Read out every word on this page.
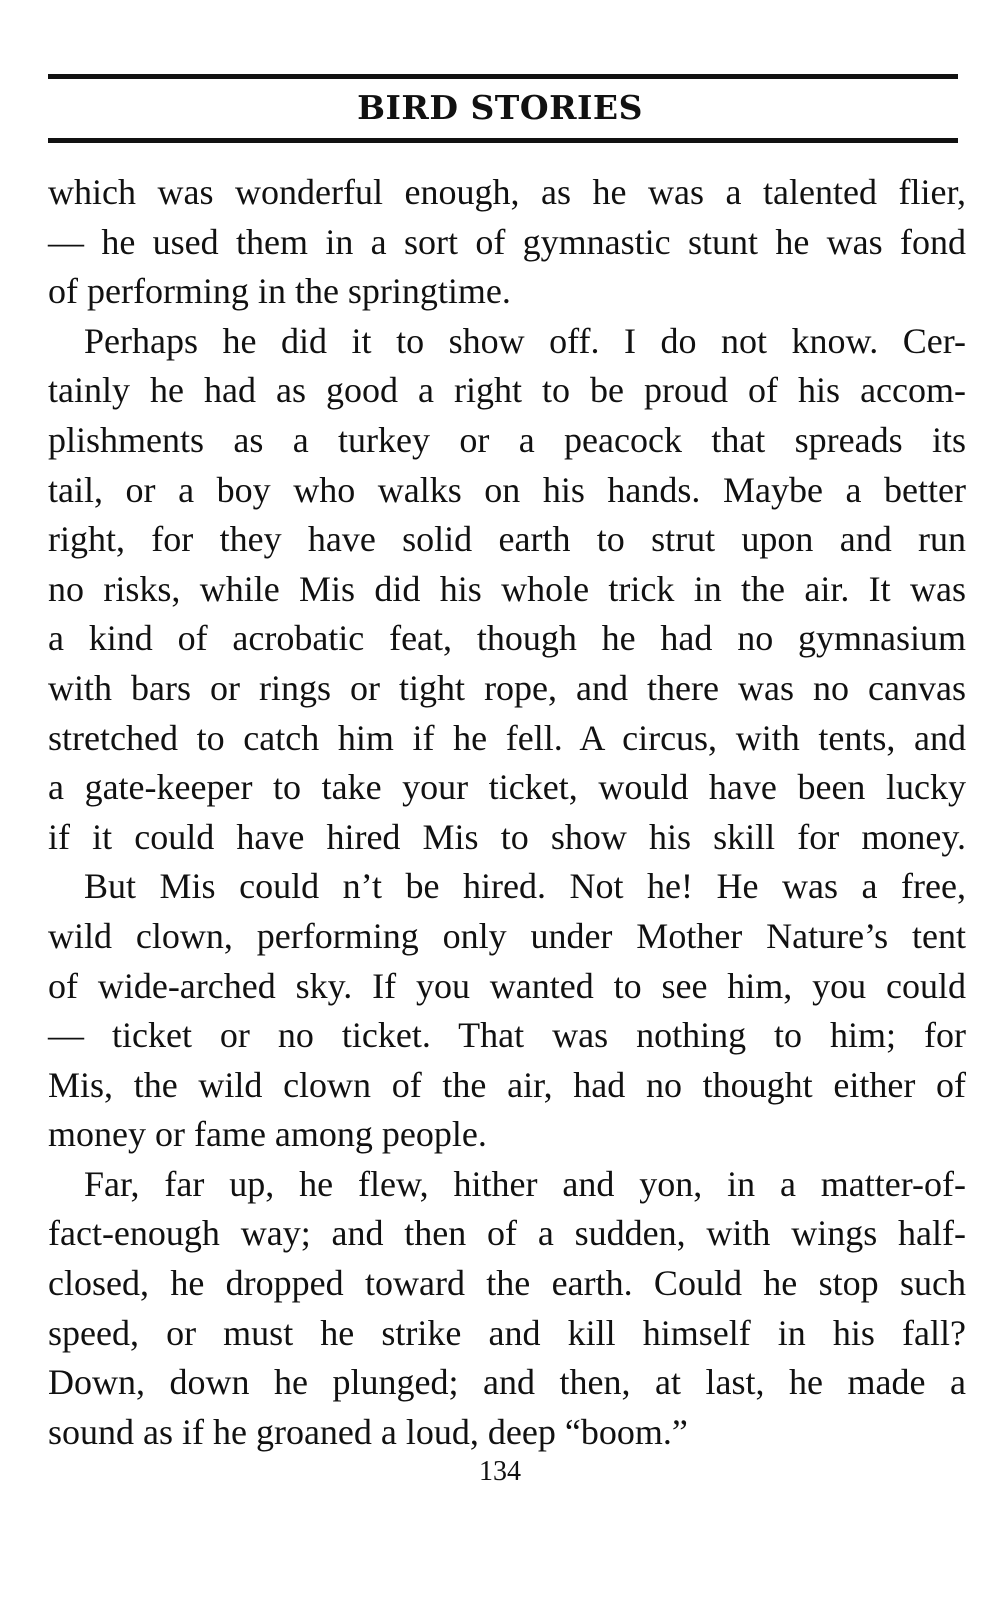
BIRD STORIES
which was wonderful enough, as he was a talented flier,
— he used them in a sort of gymnastic stunt he was fond
of performing in the springtime.
Perhaps he did it to show off. I do not know. Cer-
tainly he had as good a right to be proud of his accom-
plishments as a turkey or a peacock that spreads its
tail, or a boy who walks on his hands. Maybe a better
right, for they have solid earth to strut upon and run
no risks, while Mis did his whole trick in the air. It was
a kind of acrobatic feat, though he had no gymnasium
with bars or rings or tight rope, and there was no canvas
stretched to catch him if he fell. A circus, with tents, and
a gate-keeper to take your ticket, would have been lucky
if it could have hired Mis to show his skill for money.
But Mis could n’t be hired. Not he! He was a free,
wild clown, performing only under Mother Nature’s tent
of wide-arched sky. If you wanted to see him, you could
— ticket or no ticket. That was nothing to him; for
Mis, the wild clown of the air, had no thought either of
money or fame among people.
Far, far up, he flew, hither and yon, in a matter-of-
fact-enough way; and then of a sudden, with wings half-
closed, he dropped toward the earth. Could he stop such
speed, or must he strike and kill himself in his fall?
Down, down he plunged; and then, at last, he made a
sound as if he groaned a loud, deep “boom.”
134
